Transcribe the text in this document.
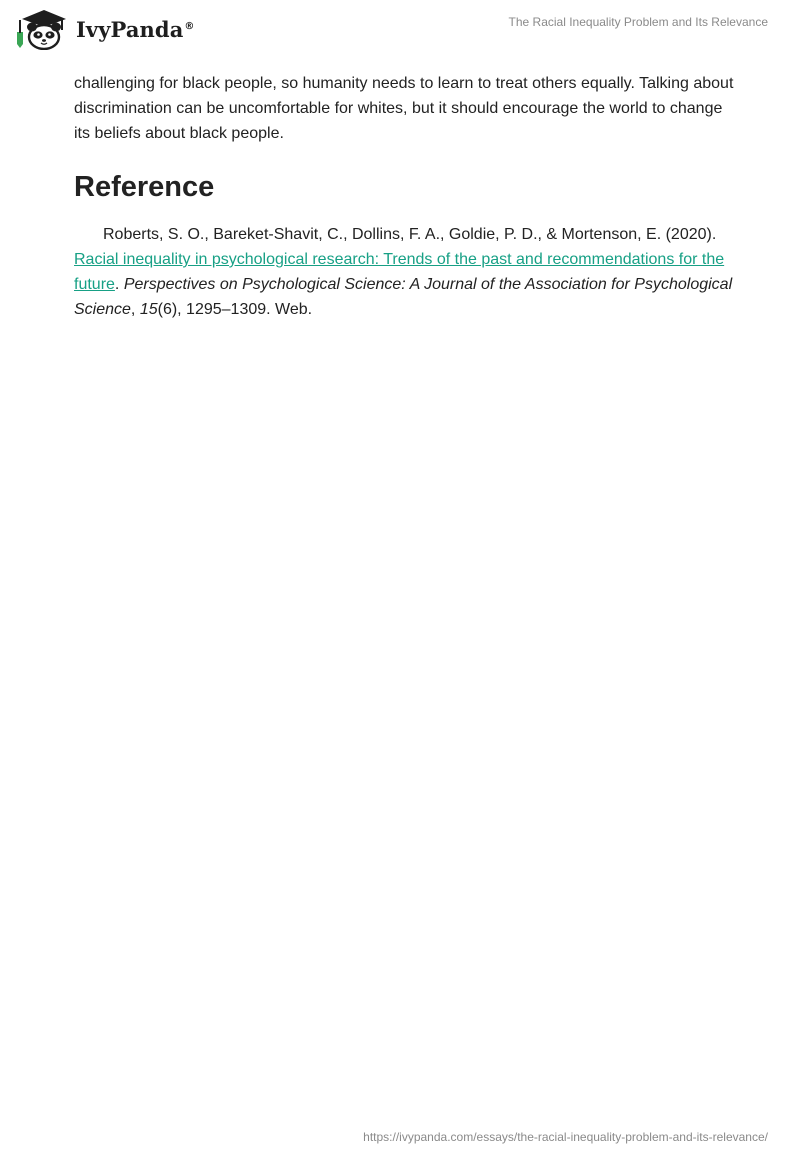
IvyPanda®	The Racial Inequality Problem and Its Relevance

challenging for black people, so humanity needs to learn to treat others equally. Talking about discrimination can be uncomfortable for whites, but it should encourage the world to change its beliefs about black people.

Reference

Roberts, S. O., Bareket-Shavit, C., Dollins, F. A., Goldie, P. D., & Mortenson, E. (2020). Racial inequality in psychological research: Trends of the past and recommendations for the future. Perspectives on Psychological Science: A Journal of the Association for Psychological Science, 15(6), 1295–1309. Web.

https://ivypanda.com/essays/the-racial-inequality-problem-and-its-relevance/
